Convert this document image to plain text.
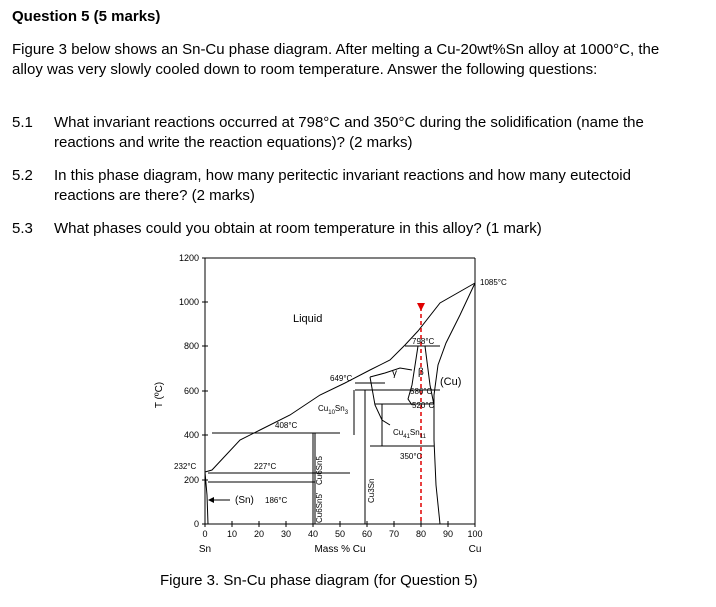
Question 5 (5 marks)
Figure 3 below shows an Sn-Cu phase diagram. After melting a Cu-20wt%Sn alloy at 1000°C, the alloy was very slowly cooled down to room temperature. Answer the following questions:
5.1 What invariant reactions occurred at 798°C and 350°C during the solidification (name the reactions and write the reaction equations)? (2 marks)
5.2 In this phase diagram, how many peritectic invariant reactions and how many eutectoid reactions are there? (2 marks)
5.3 What phases could you obtain at room temperature in this alloy? (1 mark)
1200
1000
800
600
400
200
0
0 10 20 30 40 50 60 70 80 90 100
Sn	Mass % Cu	Cu
T (ºC)
Liquid
1085°C
798°C
649°C	γ β
586°C
520°C
(Cu)
$Cu_{10}Sn_3$
408°C
$Cu_{41}Sn_{11}$
350°C
232°C	227°C
(Sn) 186°C
Cu6Sn5
Cu6Sn5'
Cu3Sn
Figure 3. Sn-Cu phase diagram (for Question 5)
